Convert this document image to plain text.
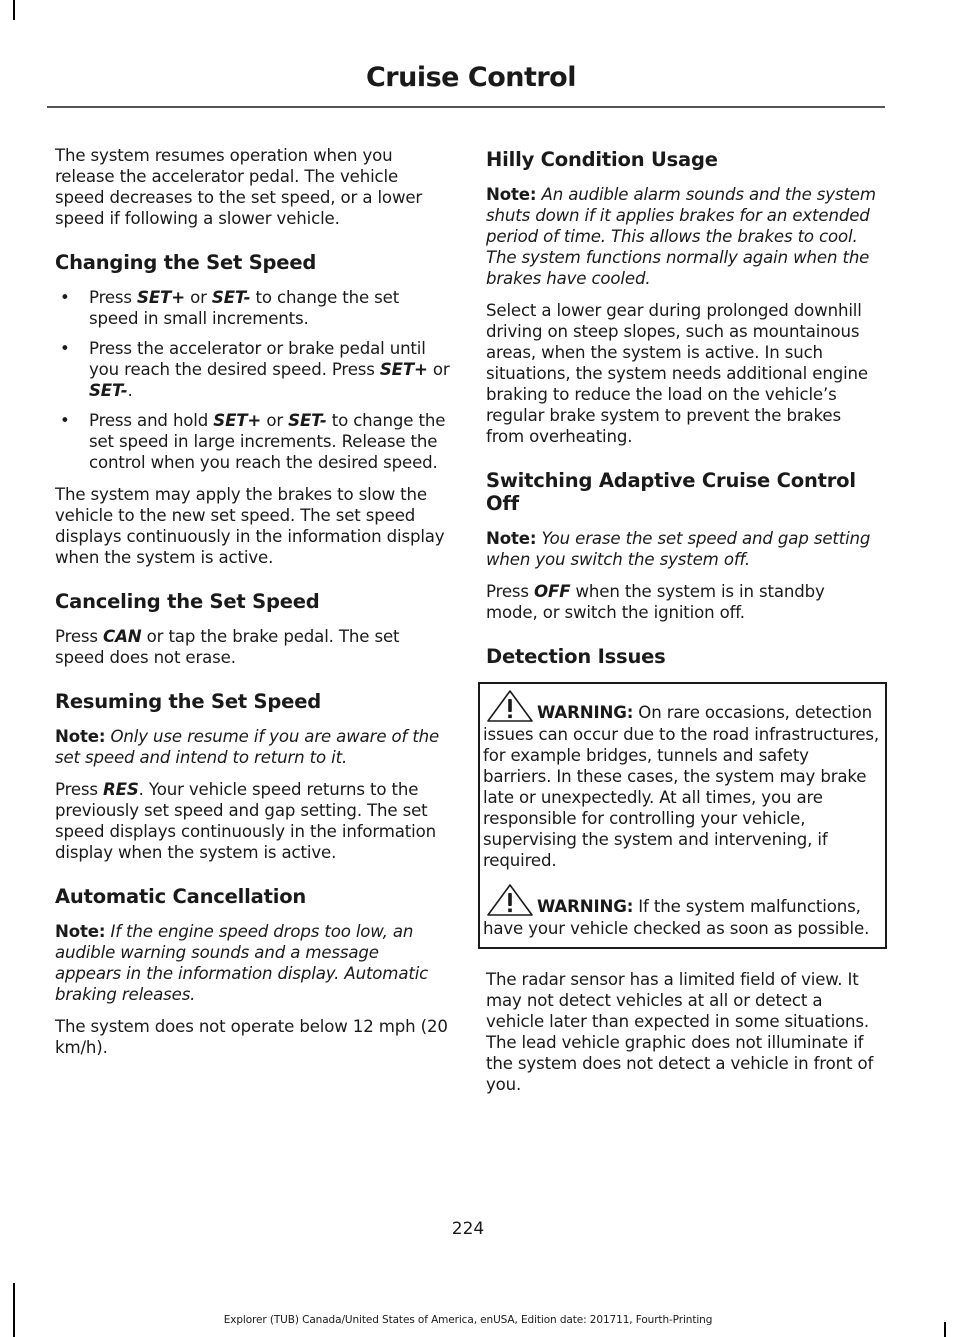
Cruise Control

The system resumes operation when you release the accelerator pedal. The vehicle speed decreases to the set speed, or a lower speed if following a slower vehicle.

Changing the Set Speed
• Press SET+ or SET- to change the set speed in small increments.
• Press the accelerator or brake pedal until you reach the desired speed. Press SET+ or SET-.
• Press and hold SET+ or SET- to change the set speed in large increments. Release the control when you reach the desired speed.

The system may apply the brakes to slow the vehicle to the new set speed. The set speed displays continuously in the information display when the system is active.

Canceling the Set Speed

Press CAN or tap the brake pedal. The set speed does not erase.

Resuming the Set Speed

Note: Only use resume if you are aware of the set speed and intend to return to it.

Press RES. Your vehicle speed returns to the previously set speed and gap setting. The set speed displays continuously in the information display when the system is active.

Automatic Cancellation

Note: If the engine speed drops too low, an audible warning sounds and a message appears in the information display. Automatic braking releases.

The system does not operate below 12 mph (20 km/h).

Hilly Condition Usage

Note: An audible alarm sounds and the system shuts down if it applies brakes for an extended period of time. This allows the brakes to cool. The system functions normally again when the brakes have cooled.

Select a lower gear during prolonged downhill driving on steep slopes, such as mountainous areas, when the system is active. In such situations, the system needs additional engine braking to reduce the load on the vehicle’s regular brake system to prevent the brakes from overheating.

Switching Adaptive Cruise Control Off

Note: You erase the set speed and gap setting when you switch the system off.

Press OFF when the system is in standby mode, or switch the ignition off.

Detection Issues

WARNING: On rare occasions, detection issues can occur due to the road infrastructures, for example bridges, tunnels and safety barriers. In these cases, the system may brake late or unexpectedly. At all times, you are responsible for controlling your vehicle, supervising the system and intervening, if required.

WARNING: If the system malfunctions, have your vehicle checked as soon as possible.

The radar sensor has a limited field of view. It may not detect vehicles at all or detect a vehicle later than expected in some situations. The lead vehicle graphic does not illuminate if the system does not detect a vehicle in front of you.

224
Explorer (TUB) Canada/United States of America, enUSA, Edition date: 201711, Fourth-Printing
